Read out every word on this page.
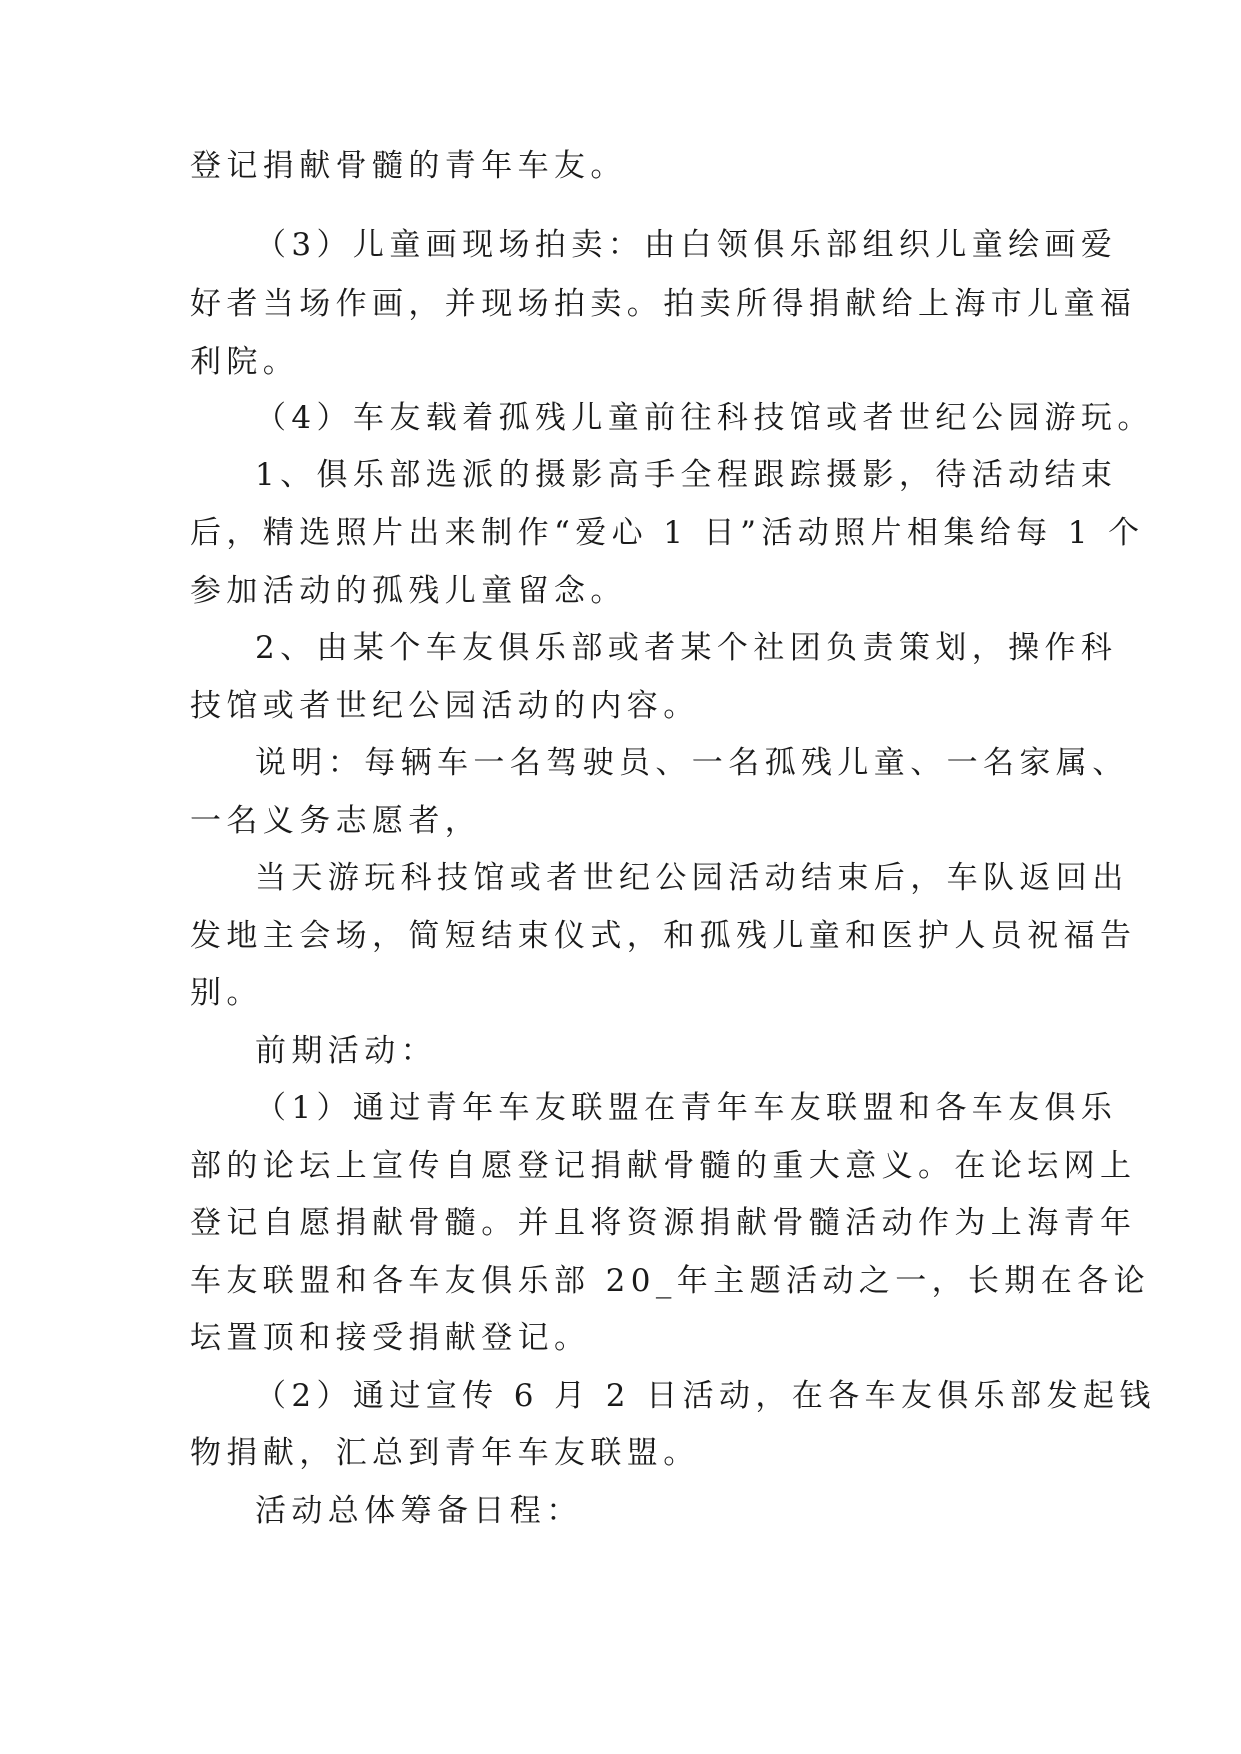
登记捐献骨髓的青年车友。
（3）儿童画现场拍卖：由白领俱乐部组织儿童绘画爱
好者当场作画，并现场拍卖。拍卖所得捐献给上海市儿童福
利院。
（4）车友载着孤残儿童前往科技馆或者世纪公园游玩。
1、俱乐部选派的摄影高手全程跟踪摄影，待活动结束
后，精选照片出来制作“爱心 1 日”活动照片相集给每 1 个
参加活动的孤残儿童留念。
2、由某个车友俱乐部或者某个社团负责策划，操作科
技馆或者世纪公园活动的内容。
说明：每辆车一名驾驶员、一名孤残儿童、一名家属、
一名义务志愿者，
当天游玩科技馆或者世纪公园活动结束后，车队返回出
发地主会场，简短结束仪式，和孤残儿童和医护人员祝福告
别。
前期活动：
（1）通过青年车友联盟在青年车友联盟和各车友俱乐
部的论坛上宣传自愿登记捐献骨髓的重大意义。在论坛网上
登记自愿捐献骨髓。并且将资源捐献骨髓活动作为上海青年
车友联盟和各车友俱乐部 20_年主题活动之一，长期在各论
坛置顶和接受捐献登记。
（2）通过宣传 6 月 2 日活动，在各车友俱乐部发起钱
物捐献，汇总到青年车友联盟。
活动总体筹备日程：
